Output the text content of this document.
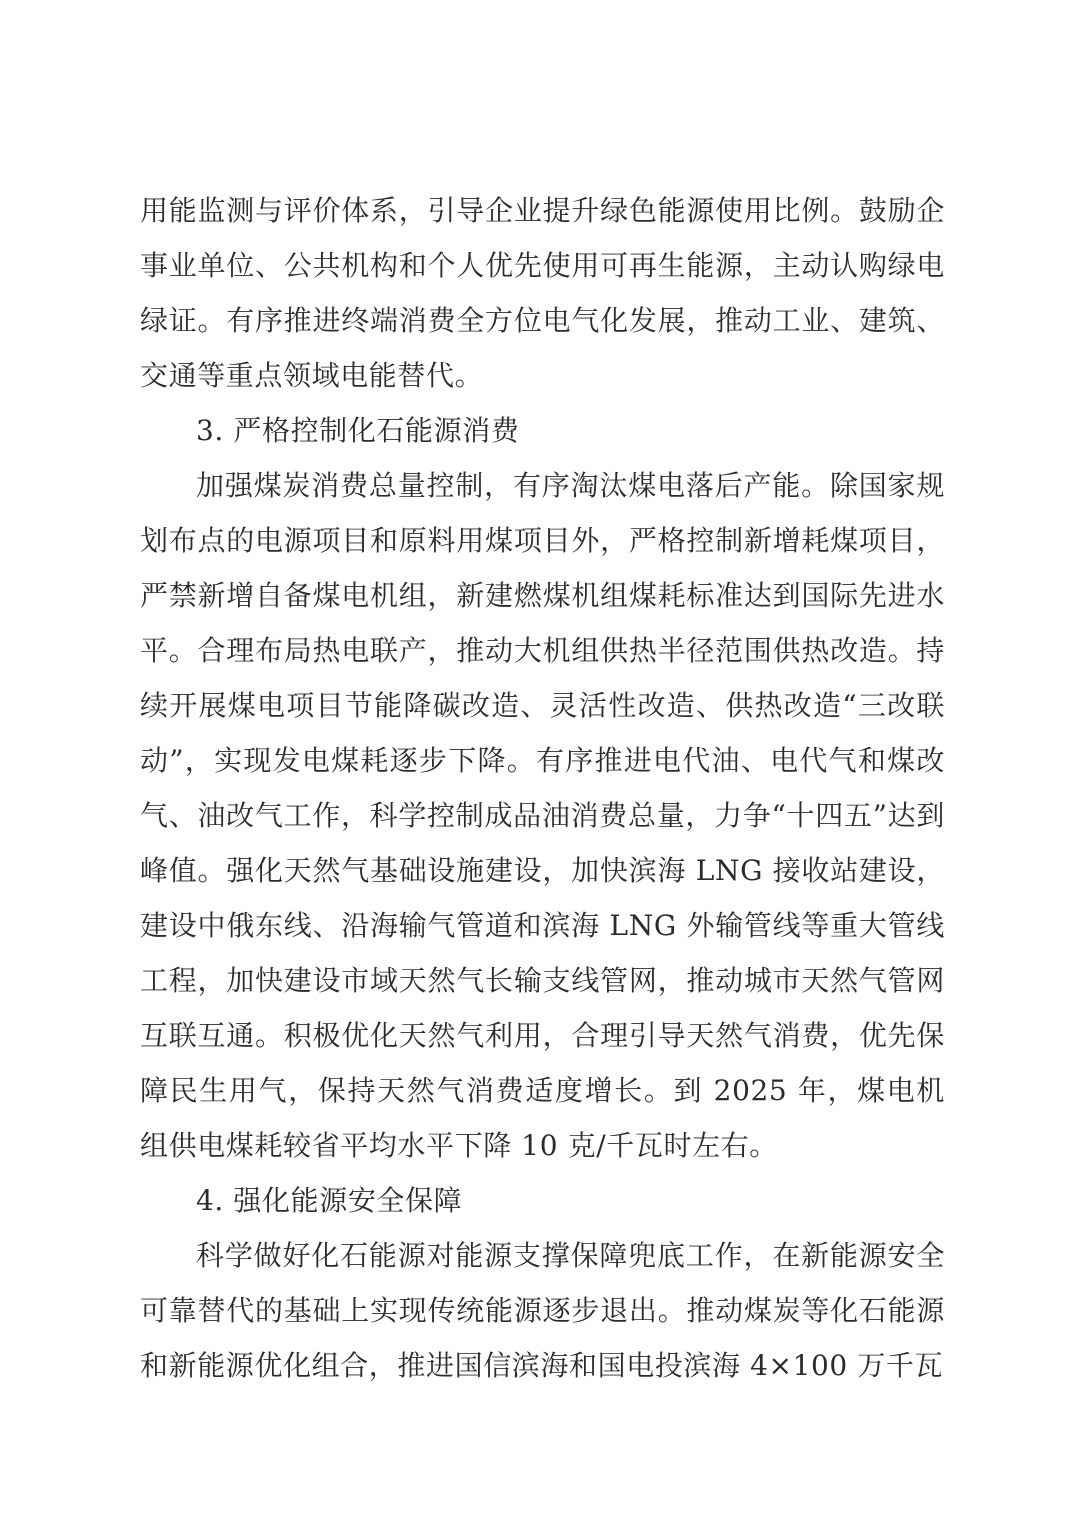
用能监测与评价体系，引导企业提升绿色能源使用比例。鼓励企事业单位、公共机构和个人优先使用可再生能源，主动认购绿电绿证。有序推进终端消费全方位电气化发展，推动工业、建筑、交通等重点领域电能替代。

3. 严格控制化石能源消费

加强煤炭消费总量控制，有序淘汰煤电落后产能。除国家规划布点的电源项目和原料用煤项目外，严格控制新增耗煤项目，严禁新增自备煤电机组，新建燃煤机组煤耗标准达到国际先进水平。合理布局热电联产，推动大机组供热半径范围供热改造。持续开展煤电项目节能降碳改造、灵活性改造、供热改造“三改联动”，实现发电煤耗逐步下降。有序推进电代油、电代气和煤改气、油改气工作，科学控制成品油消费总量，力争“十四五”达到峰值。强化天然气基础设施建设，加快滨海 LNG 接收站建设，建设中俄东线、沿海输气管道和滨海 LNG 外输管线等重大管线工程，加快建设市域天然气长输支线管网，推动城市天然气管网互联互通。积极优化天然气利用，合理引导天然气消费，优先保障民生用气，保持天然气消费适度增长。到 2025 年，煤电机组供电煤耗较省平均水平下降 10 克/千瓦时左右。

4. 强化能源安全保障

科学做好化石能源对能源支撑保障兜底工作，在新能源安全可靠替代的基础上实现传统能源逐步退出。推动煤炭等化石能源和新能源优化组合，推进国信滨海和国电投滨海 4×100 万千瓦
